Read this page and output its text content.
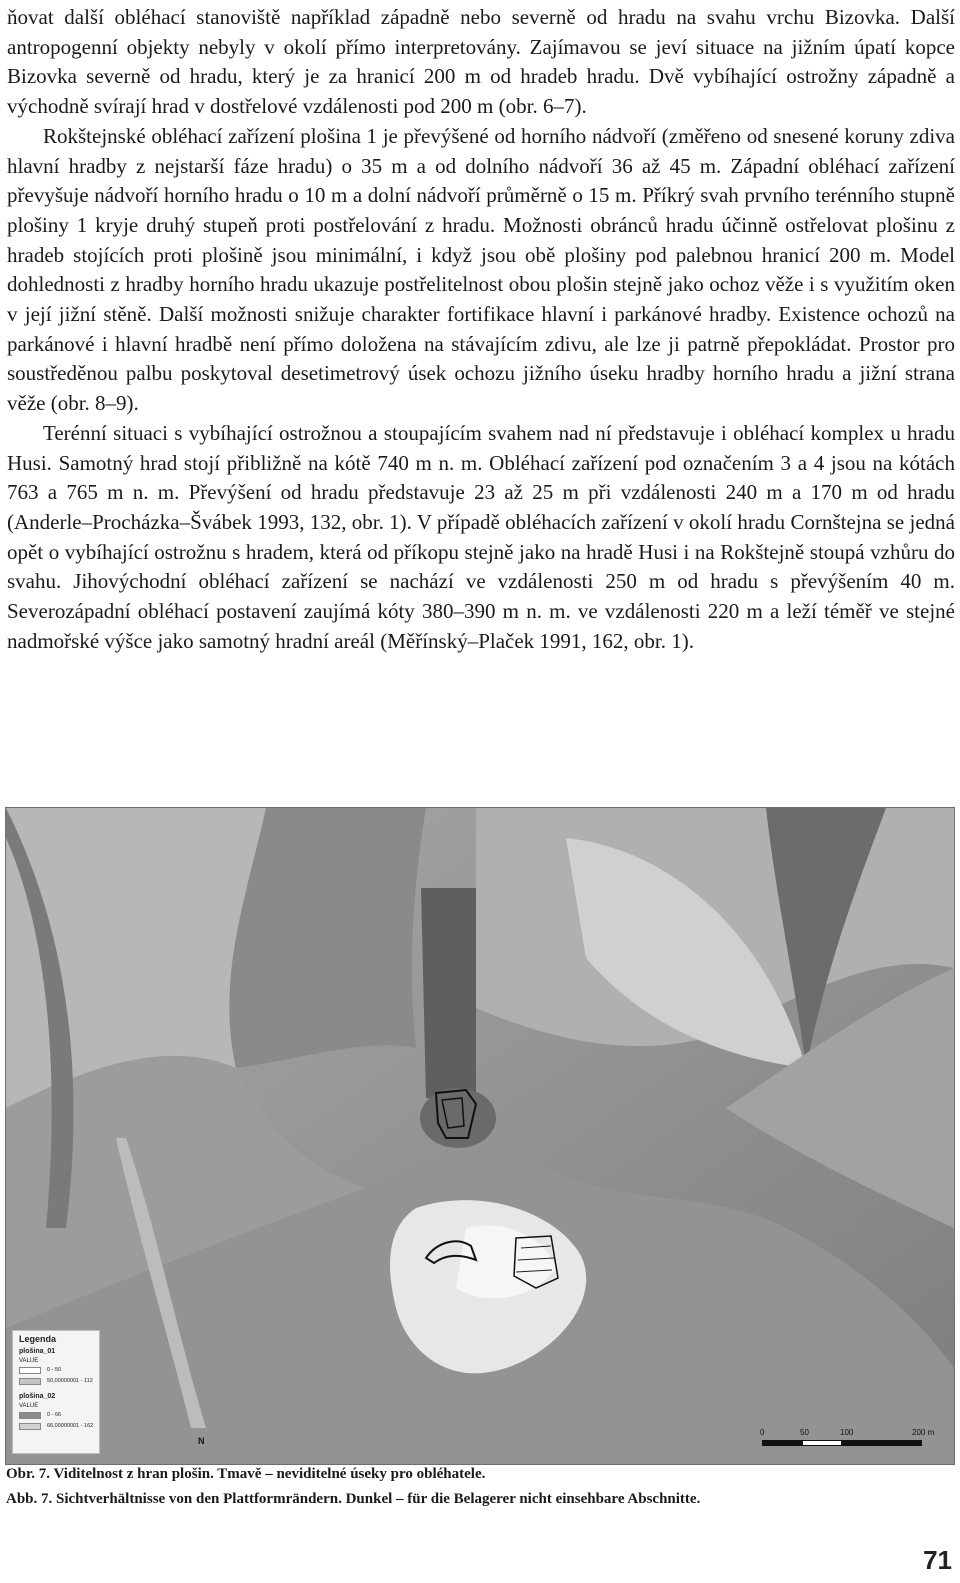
ňovat další obléhací stanoviště například západně nebo severně od hradu na svahu vrchu Bizovka. Další antropogenní objekty nebyly v okolí přímo interpretovány. Zajímavou se jeví situace na jižním úpatí kopce Bizovka severně od hradu, který je za hranicí 200 m od hradeb hradu. Dvě vybíhající ostrožny západně a východně svírají hrad v dostřelové vzdálenosti pod 200 m (obr. 6–7).

Rokštejnské obléhací zařízení plošina 1 je převýšené od horního nádvoří (změřeno od snesené koruny zdiva hlavní hradby z nejstarší fáze hradu) o 35 m a od dolního nádvoří 36 až 45 m. Západní obléhací zařízení převyšuje nádvoří horního hradu o 10 m a dolní nádvoří průměrně o 15 m. Příkrý svah prvního terénního stupně plošiny 1 kryje druhý stupeň proti postřelování z hradu. Možnosti obránců hradu účinně ostřelovat plošinu z hradeb stojících proti plošině jsou minimální, i když jsou obě plošiny pod palebnou hranicí 200 m. Model dohlednosti z hradby horního hradu ukazuje postřelitelnost obou plošin stejně jako ochoz věže i s využitím oken v její jižní stěně. Další možnosti snižuje charakter fortifikace hlavní i parkánové hradby. Existence ochozů na parkánové i hlavní hradbě není přímo doložena na stávajícím zdivu, ale lze ji patrně přepokládat. Prostor pro soustředěnou palbu poskytoval desetimetrový úsek ochozu jižního úseku hradby horního hradu a jižní strana věže (obr. 8–9).

Terénní situaci s vybíhající ostrožnou a stoupajícím svahem nad ní představuje i obléhací komplex u hradu Husi. Samotný hrad stojí přibližně na kótě 740 m n. m. Obléhací zařízení pod označením 3 a 4 jsou na kótách 763 a 765 m n. m. Převýšení od hradu představuje 23 až 25 m při vzdálenosti 240 m a 170 m od hradu (Anderle–Procházka–Švábek 1993, 132, obr. 1). V případě obléhacích zařízení v okolí hradu Cornštejna se jedná opět o vybíhající ostrožnu s hradem, která od příkopu stejně jako na hradě Husi i na Rokštejně stoupá vzhůru do svahu. Jihovýchodní obléhací zařízení se nachází ve vzdálenosti 250 m od hradu s převýšením 40 m. Severozápadní obléhací postavení zaujímá kóty 380–390 m n. m. ve vzdálenosti 220 m a leží téměř ve stejné nadmořské výšce jako samotný hradní areál (Měřínský–Plaček 1991, 162, obr. 1).

Legenda
plošina_01
VALUE
0 - 50
50,00000001 - 112
plošina_02
VALUE
0 - 66
66,00000001 - 162
N
0	50	100	200 m
Obr. 7. Viditelnost z hran plošin. Tmavě – neviditelné úseky pro obléhatele.
Abb. 7. Sichtverhältnisse von den Plattformrändern. Dunkel – für die Belagerer nicht einsehbare Abschnitte.
71
